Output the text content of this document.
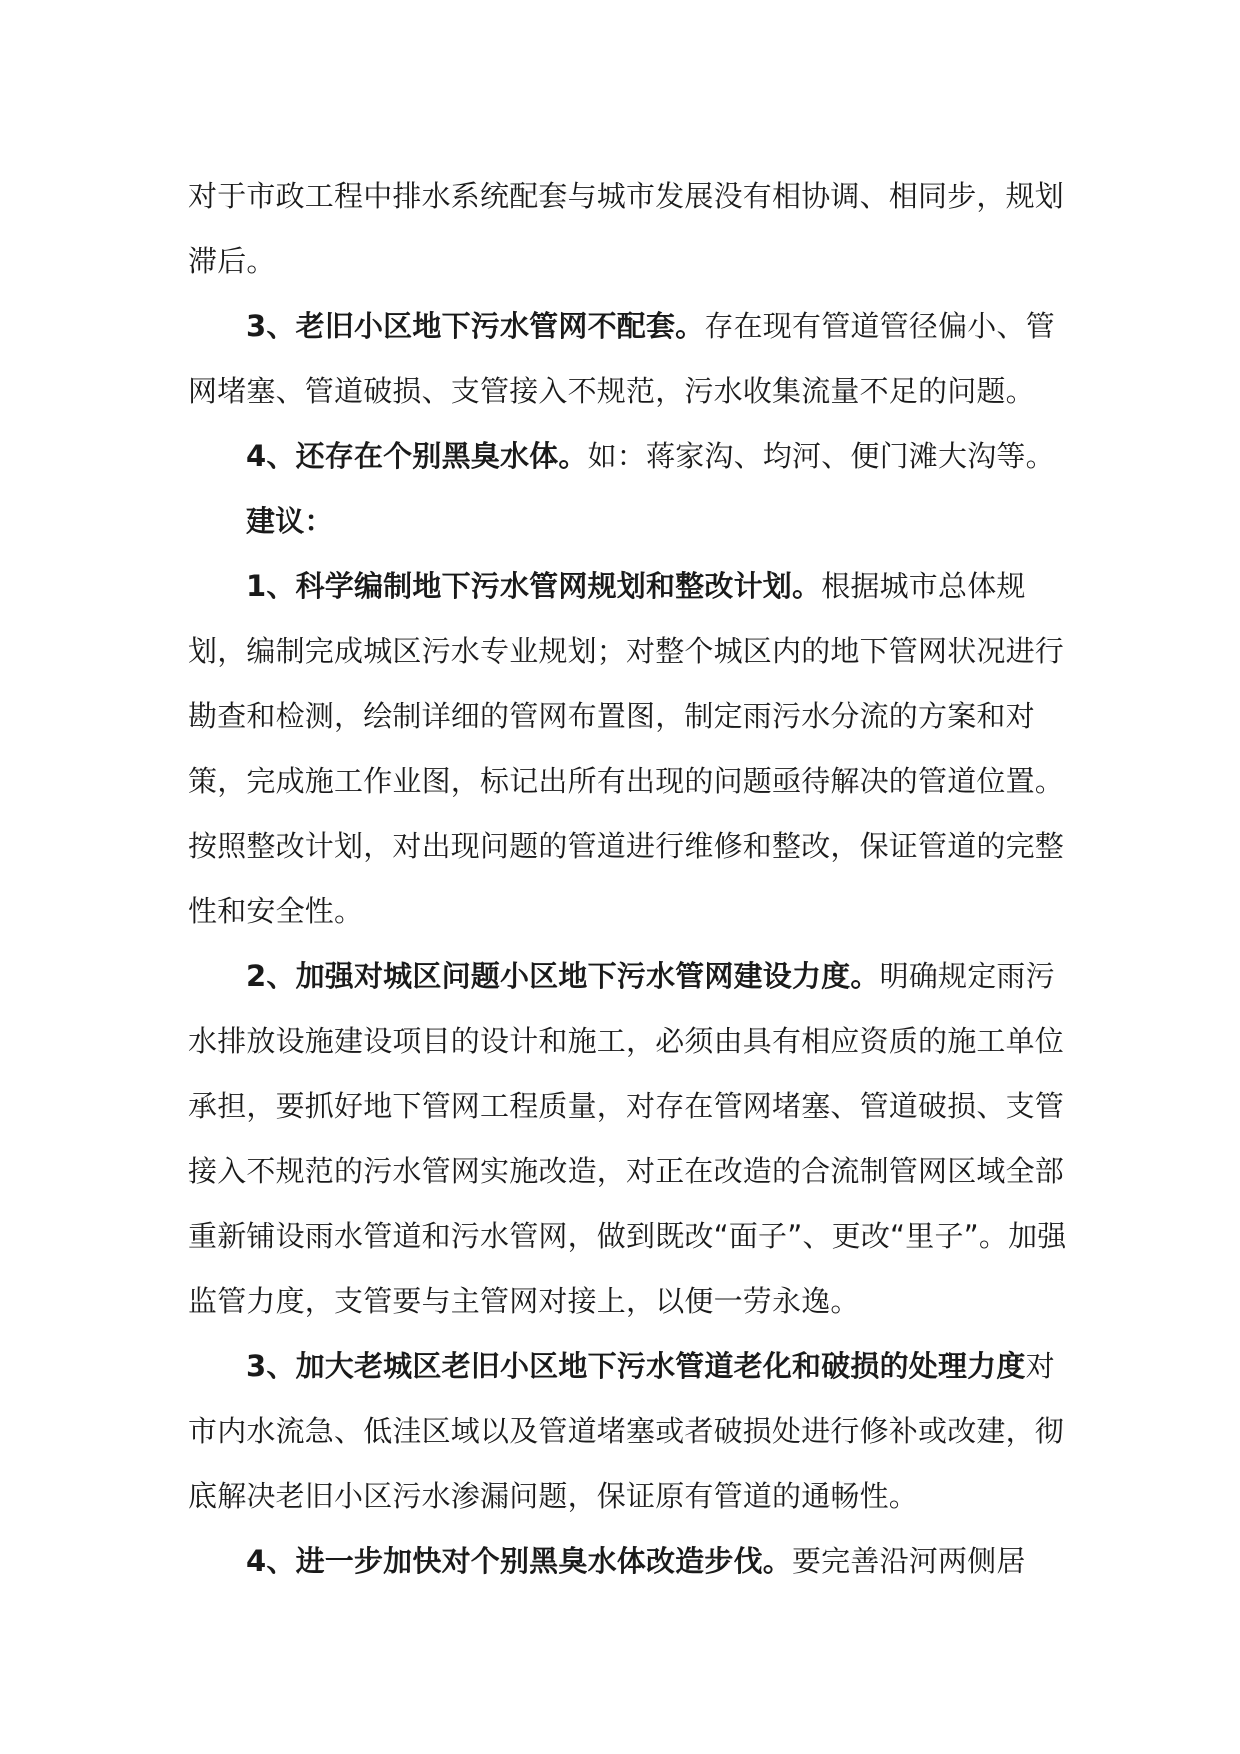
对于市政工程中排水系统配套与城市发展没有相协调、相同步，规划滞后。

3、老旧小区地下污水管网不配套。存在现有管道管径偏小、管网堵塞、管道破损、支管接入不规范，污水收集流量不足的问题。

4、还存在个别黑臭水体。如：蒋家沟、均河、便门滩大沟等。

建议：

1、科学编制地下污水管网规划和整改计划。根据城市总体规划，编制完成城区污水专业规划；对整个城区内的地下管网状况进行勘查和检测，绘制详细的管网布置图，制定雨污水分流的方案和对策，完成施工作业图，标记出所有出现的问题亟待解决的管道位置。按照整改计划，对出现问题的管道进行维修和整改，保证管道的完整性和安全性。

2、加强对城区问题小区地下污水管网建设力度。明确规定雨污水排放设施建设项目的设计和施工，必须由具有相应资质的施工单位承担，要抓好地下管网工程质量，对存在管网堵塞、管道破损、支管接入不规范的污水管网实施改造，对正在改造的合流制管网区域全部重新铺设雨水管道和污水管网，做到既改“面子”、更改“里子”。加强监管力度，支管要与主管网对接上，以便一劳永逸。

3、加大老城区老旧小区地下污水管道老化和破损的处理力度对市内水流急、低洼区域以及管道堵塞或者破损处进行修补或改建，彻底解决老旧小区污水渗漏问题，保证原有管道的通畅性。

4、进一步加快对个别黑臭水体改造步伐。要完善沿河两侧居
